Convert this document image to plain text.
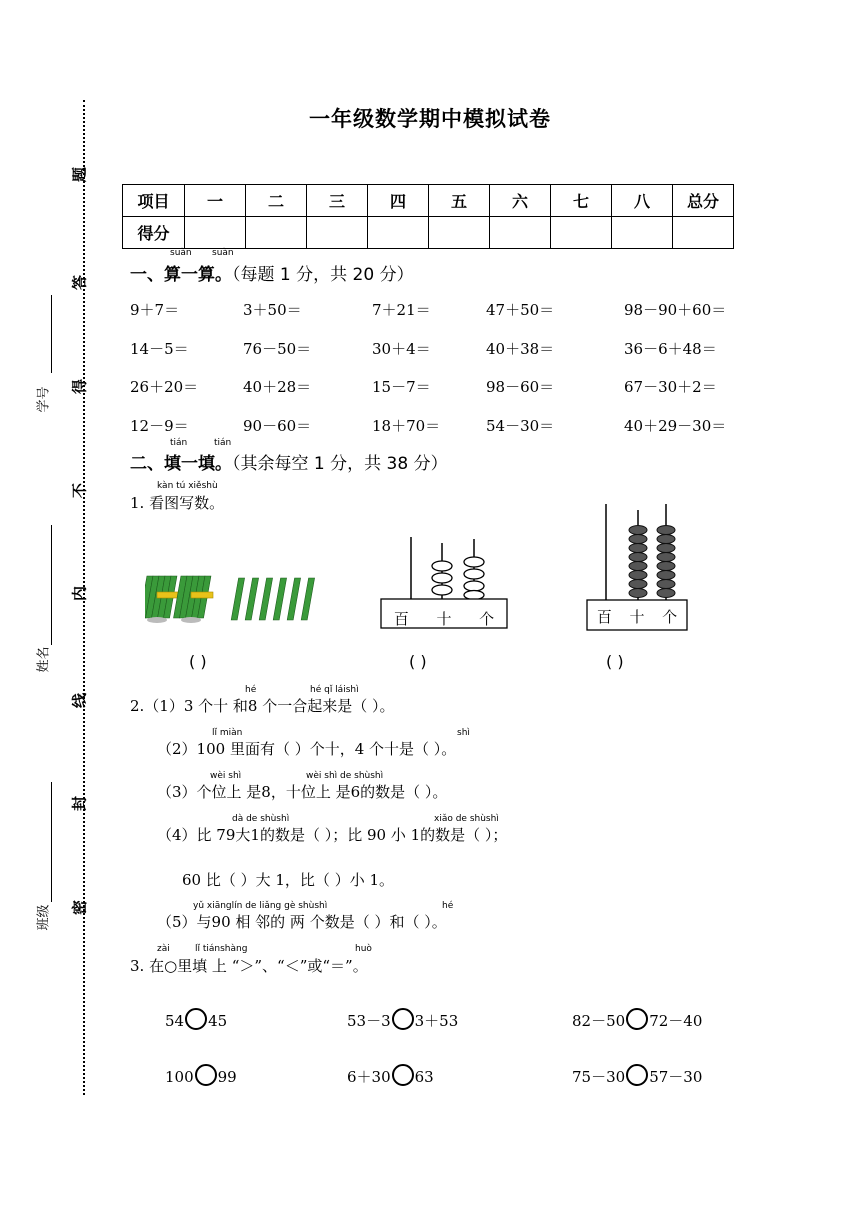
题
答
得
不
内
线
封
密
学号
姓名
班级
一年级数学期中模拟试卷
项目	一	二	三	四	五	六	七	八	总分
得分									
suàn suàn
一、算一算。（每题 1 分，共 20 分）
9＋7＝	3＋50＝	7＋21＝	47＋50＝	98－90＋60＝
14－5＝	76－50＝	30＋4＝	40＋38＝	36－6＋48＝
26＋20＝	40＋28＝	15－7＝	98－60＝	67－30＋2＝
12－9＝	90－60＝	18＋70＝	54－30＝	40＋29－30＝
tián	tián
二、填一填。（其余每空 1 分，共 38 分）
kàn tú xiěshù
1. 看图写数。
百 十 个	百 十 个
( )	( )	( )
hé	hé qǐ láishì
2.（1）3 个十 和8 个一合起来是（ ）。
lǐ miàn	shì
（2）100 里面有（ ）个十，4 个十是（ ）。
wèi shì	wèi shì de shùshì
（3）个位上 是8，十位上 是6的数是（ ）。
dà de shùshì	xiǎo de shùshì
（4）比 79大1的数是（ ）；比 90 小 1的数是（ ）；
60 比（ ）大 1，比（ ）小 1。
yǔ xiānglín de liǎng gè shùshì	hé
（5）与90 相 邻的 两 个数是（ ）和（ ）。
zài	lǐ tiánshàng	huò
3. 在○里填 上 “＞”、“＜”或“＝”。
54 45	53－3 3＋53	82－50 72－40
100 99	6＋30 63	75－30 57－30
